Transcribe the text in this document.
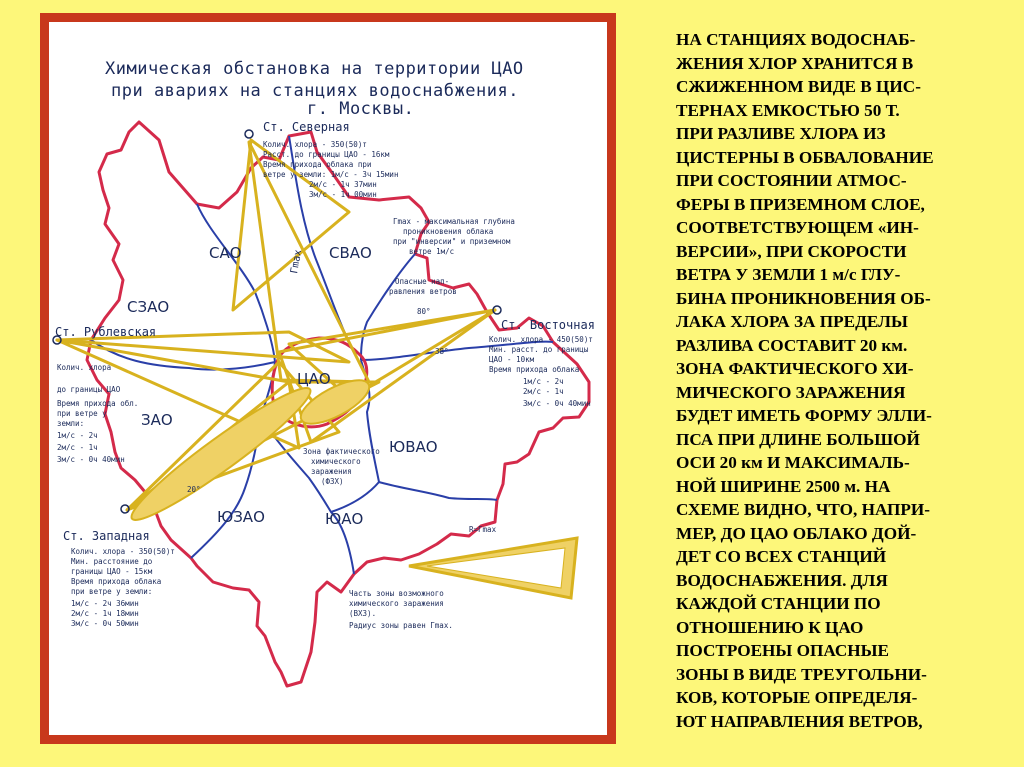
Химическая обстановка на территории ЦАО
при авариях на станциях водоснабжения.
г. Москвы.
САО	СВАО
СЗАО
ЦАО
ЗАО
ЮВАО
ЮЗАО	ЮАО
Ст. Северная
Колич. хлора - 350(50)т
Расст. до границы ЦАО - 16км
Время прихода облака при
ветре у земли: 1м/с - 3ч 15мин
2м/с - 1ч 37мин
3м/с - 1ч 00мин
Ст. Восточная
Колич. хлора - 450(50)т
Мин. расст. до границы
ЦАО - 10км
Время прихода облака
1м/с - 2ч
2м/с - 1ч
3м/с - 0ч 40мин
Ст. Рублевская
Колич. хлора
до границы ЦАО
Время прихода обл.
при ветре у
земли:
1м/с - 2ч
2м/с - 1ч
3м/с - 0ч 40мин
Ст. Западная
Колич. хлора - 350(50)т
Мин. расстояние до
границы ЦАО - 15км
Время прихода облака
при ветре у земли:
1м/с - 2ч 36мин
2м/с - 1ч 18мин
3м/с - 0ч 50мин
Гmax
Гmax - максимальная глубина
проникновения облака
при "инверсии" и приземном
ветре 1м/с
Опасные нап-
равления ветров
80°
38°
20°
Зона фактического
химического
заражения
(ФЗХ)
R=Гmax
Часть зоны возможного
химического заражения
(ВХЗ).
Радиус зоны равен Гmax.

НА СТАНЦИЯХ ВОДОСНАБ-
ЖЕНИЯ ХЛОР ХРАНИТСЯ В
СЖИЖЕННОМ ВИДЕ В ЦИС-
ТЕРНАХ ЕМКОСТЬЮ 50 Т.
ПРИ РАЗЛИВЕ ХЛОРА ИЗ
ЦИСТЕРНЫ В ОБВАЛОВАНИЕ
ПРИ СОСТОЯНИИ АТМОС-
ФЕРЫ В ПРИЗЕМНОМ СЛОЕ,
СООТВЕТСТВУЮЩЕМ «ИН-
ВЕРСИИ», ПРИ СКОРОСТИ
ВЕТРА У ЗЕМЛИ 1 м/с ГЛУ-
БИНА ПРОНИКНОВЕНИЯ ОБ-
ЛАКА ХЛОРА ЗА ПРЕДЕЛЫ
РАЗЛИВА СОСТАВИТ 20 км.
ЗОНА ФАКТИЧЕСКОГО ХИ-
МИЧЕСКОГО ЗАРАЖЕНИЯ
БУДЕТ ИМЕТЬ ФОРМУ ЭЛЛИ-
ПСА ПРИ ДЛИНЕ БОЛЬШОЙ
ОСИ 20 км И МАКСИМАЛЬ-
НОЙ ШИРИНЕ 2500 м. НА
СХЕМЕ ВИДНО, ЧТО, НАПРИ-
МЕР, ДО ЦАО ОБЛАКО ДОЙ-
ДЕТ СО ВСЕХ СТАНЦИЙ
ВОДОСНАБЖЕНИЯ. ДЛЯ
КАЖДОЙ СТАНЦИИ ПО
ОТНОШЕНИЮ К ЦАО
ПОСТРОЕНЫ ОПАСНЫЕ
ЗОНЫ В ВИДЕ ТРЕУГОЛЬНИ-
КОВ, КОТОРЫЕ ОПРЕДЕЛЯ-
ЮТ НАПРАВЛЕНИЯ ВЕТРОВ,
